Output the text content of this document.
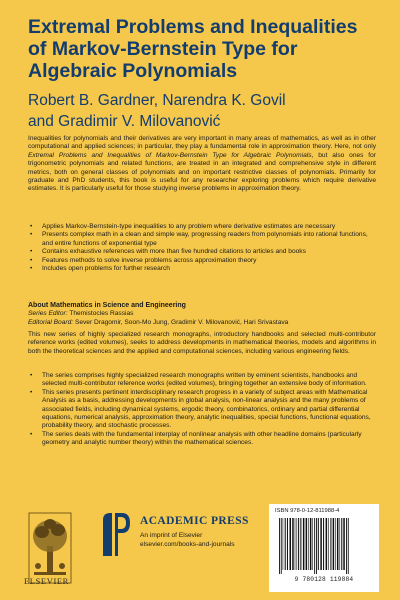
Extremal Problems and Inequalities
of Markov-Bernstein Type for
Algebraic Polynomials
Robert B. Gardner, Narendra K. Govil
and Gradimir V. Milovanović

Inequalities for polynomials and their derivatives are very important in many areas of mathematics, as well as in other computational and applied sciences; in particular, they play a fundamental role in approximation theory. Here, not only Extremal Problems and Inequalities of Markov-Bernstein Type for Algebraic Polynomials, but also ones for trigonometric polynomials and related functions, are treated in an integrated and comprehensive style in different metrics, both on general classes of polynomials and on important restrictive classes of polynomials. Primarily for graduate and PhD students, this book is useful for any researcher exploring problems which require derivative estimates. It is particularly useful for those studying inverse problems in approximation theory.

• Applies Markov-Bernstein-type inequalities to any problem where derivative estimates are necessary
• Presents complex math in a clean and simple way, progressing readers from polynomials into rational functions, and entire functions of exponential type
• Contains exhaustive references with more than five hundred citations to articles and books
• Features methods to solve inverse problems across approximation theory
• Includes open problems for further research
About Mathematics in Science and Engineering
Series Editor: Themistocles Rassias
Editorial Board: Sever Dragomir, Soon-Mo Jung, Gradimir V. Milovanović, Hari Srivastava

This new series of highly specialized research monographs, introductory handbooks and selected multi-contributor reference works (edited volumes), seeks to address developments in mathematical theories, models and algorithms in both the theoretical sciences and the applied and computational sciences, including various engineering fields.

• The series comprises highly specialized research monographs written by eminent scientists, handbooks and selected multi-contributor reference works (edited volumes), bringing together an extensive body of information.
• This series presents pertinent interdisciplinary research progress in a variety of subject areas with Mathematical Analysis as a basis, addressing developments in global analysis, non-linear analysis and the many problems of associated fields, including dynamical systems, ergodic theory, combinatorics, ordinary and partial differential equations, numerical analysis, approximation theory, analytic inequalities, special functions, functional equations, probability theory, and stochastic processes.
• The series deals with the fundamental interplay of nonlinear analysis with other headline domains (particularly geometry and analytic number theory) within the mathematical sciences.
ELSEVIER
ACADEMIC PRESS
An imprint of Elsevier
elsevier.com/books-and-journals
ISBN 978-0-12-811988-4
9 780128 119884
